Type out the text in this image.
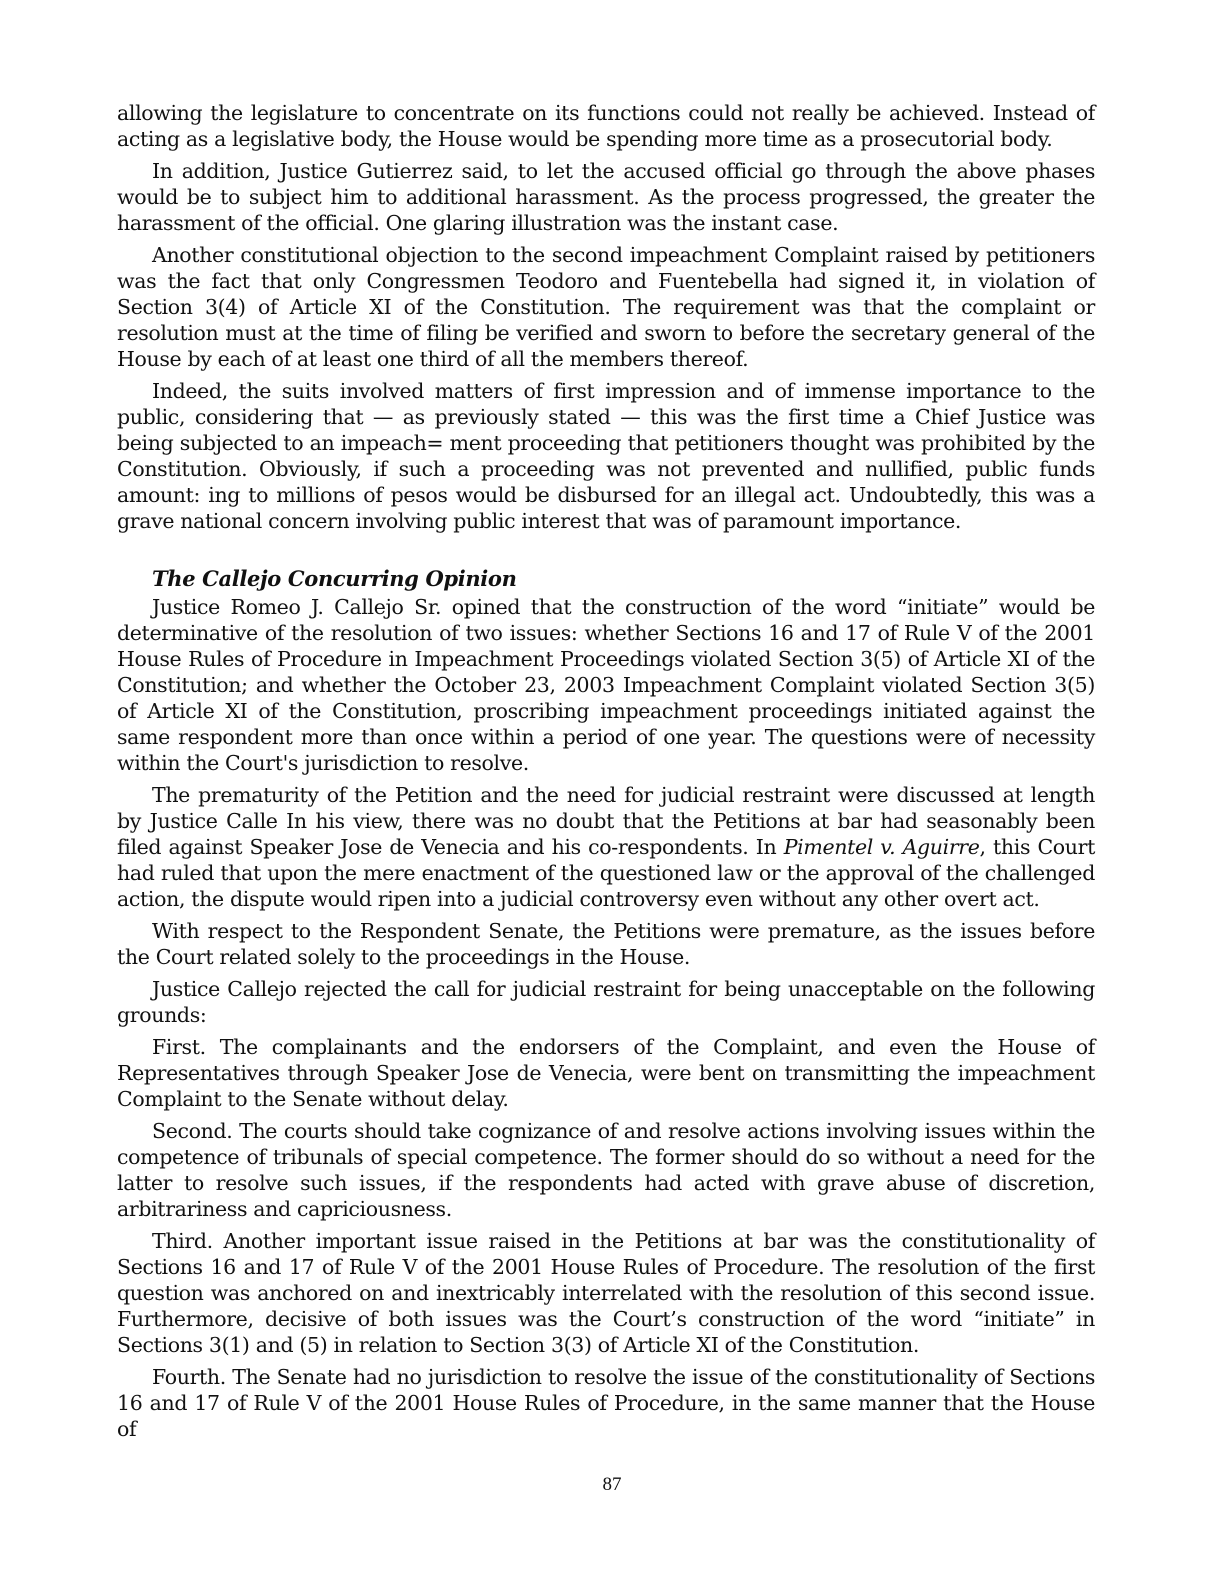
allowing the legislature to concentrate on its functions could not really be achieved. Instead of acting as a legislative body, the House would be spending more time as a prosecutorial body.

In addition, Justice Gutierrez said, to let the accused official go through the above phases would be to subject him to additional harassment. As the process progressed, the greater the harassment of the official. One glaring illustration was the instant case.

Another constitutional objection to the second impeachment Complaint raised by petitioners was the fact that only Congressmen Teodoro and Fuentebella had signed it, in violation of Section 3(4) of Article XI of the Constitution. The requirement was that the complaint or resolution must at the time of filing be verified and sworn to before the secretary general of the House by each of at least one third of all the members thereof.

Indeed, the suits involved matters of first impression and of immense importance to the public, considering that — as previously stated — this was the first time a Chief Justice was being subjected to an impeach= ment proceeding that petitioners thought was prohibited by the Constitution. Obviously, if such a proceeding was not prevented and nullified, public funds amount: ing to millions of pesos would be disbursed for an illegal act. Undoubtedly, this was a grave national concern involving public interest that was of paramount importance.

The Callejo Concurring Opinion

Justice Romeo J. Callejo Sr. opined that the construction of the word “initiate” would be determinative of the resolution of two issues: whether Sections 16 and 17 of Rule V of the 2001 House Rules of Procedure in Impeachment Proceedings violated Section 3(5) of Article XI of the Constitution; and whether the October 23, 2003 Impeachment Complaint violated Section 3(5) of Article XI of the Constitution, proscribing impeachment proceedings initiated against the same respondent more than once within a period of one year. The questions were of necessity within the Court's jurisdiction to resolve.

The prematurity of the Petition and the need for judicial restraint were discussed at length by Justice Calle In his view, there was no doubt that the Petitions at bar had seasonably been filed against Speaker Jose de Venecia and his co-respondents. In Pimentel v. Aguirre, this Court had ruled that upon the mere enactment of the questioned law or the approval of the challenged action, the dispute would ripen into a judicial controversy even without any other overt act.

With respect to the Respondent Senate, the Petitions were premature, as the issues before the Court related solely to the proceedings in the House.

Justice Callejo rejected the call for judicial restraint for being unacceptable on the following grounds:

First. The complainants and the endorsers of the Complaint, and even the House of Representatives through Speaker Jose de Venecia, were bent on transmitting the impeachment Complaint to the Senate without delay.

Second. The courts should take cognizance of and resolve actions involving issues within the competence of tribunals of special competence. The former should do so without a need for the latter to resolve such issues, if the respondents had acted with grave abuse of discretion, arbitrariness and capriciousness.

Third. Another important issue raised in the Petitions at bar was the constitutionality of Sections 16 and 17 of Rule V of the 2001 House Rules of Procedure. The resolution of the first question was anchored on and inextricably interrelated with the resolution of this second issue. Furthermore, decisive of both issues was the Court’s construction of the word “initiate” in Sections 3(1) and (5) in relation to Section 3(3) of Article XI of the Constitution.

Fourth. The Senate had no jurisdiction to resolve the issue of the constitutionality of Sections 16 and 17 of Rule V of the 2001 House Rules of Procedure, in the same manner that the House of

87
